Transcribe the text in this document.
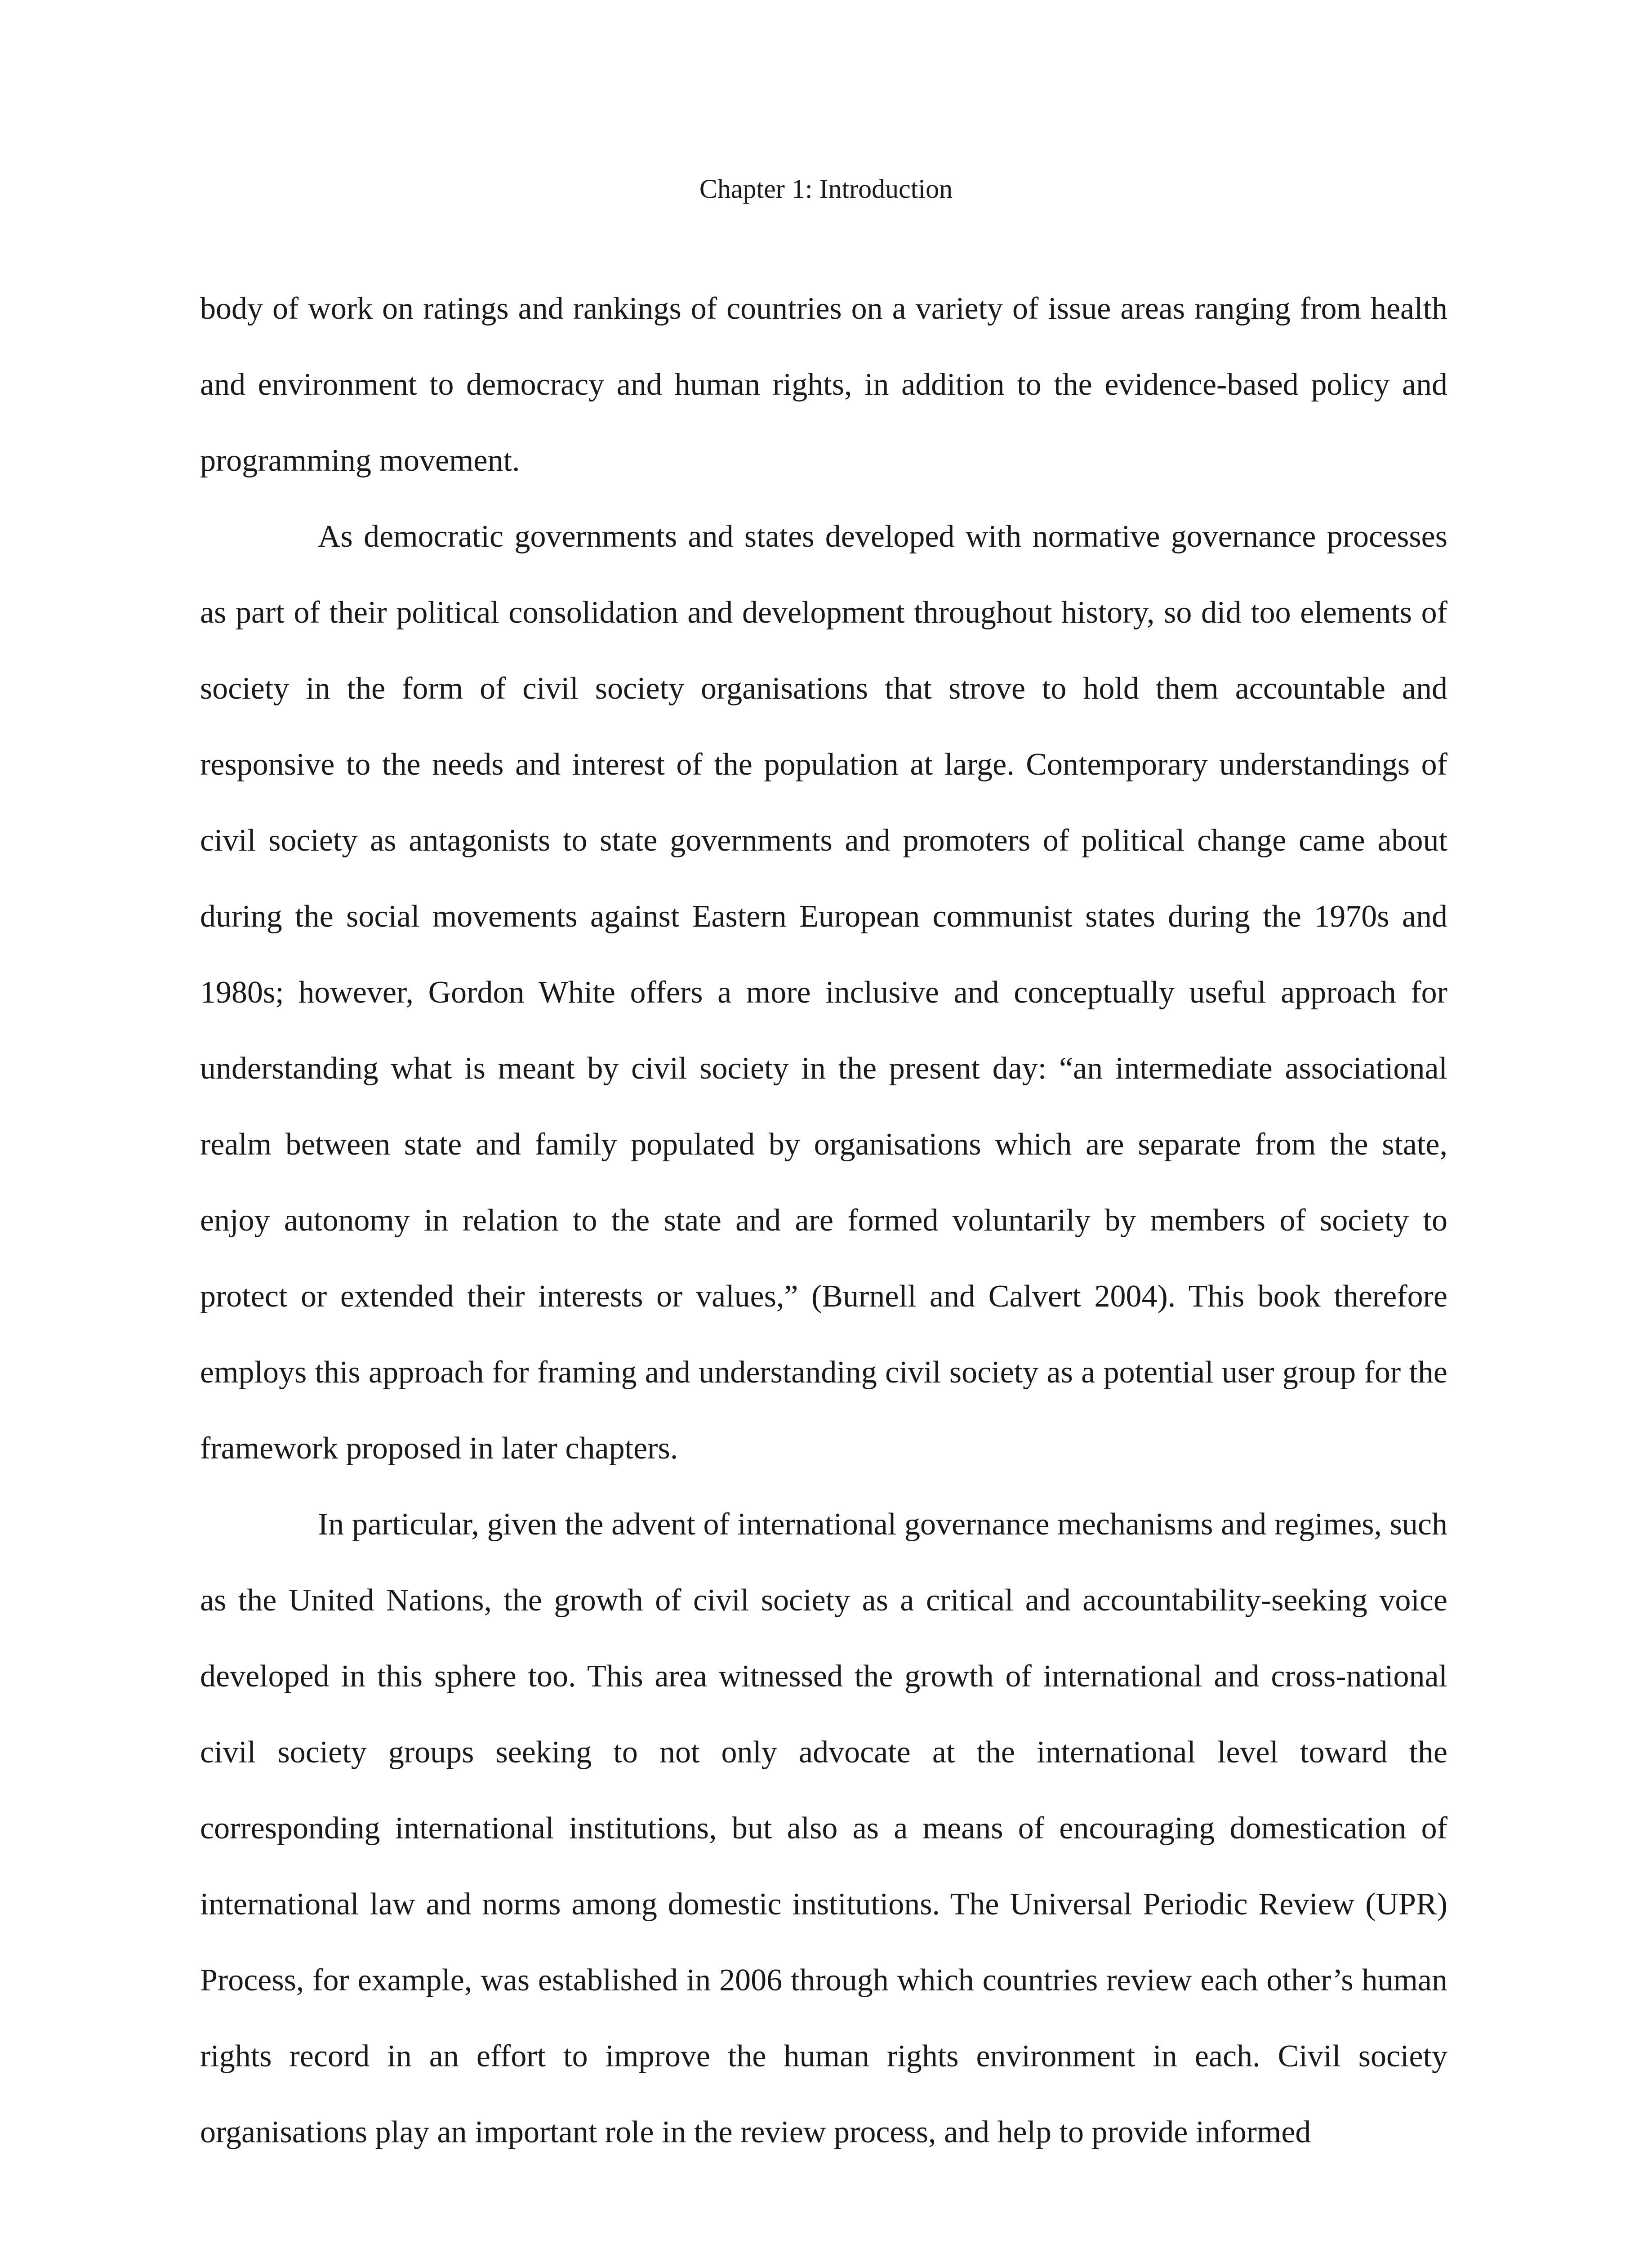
Chapter 1: Introduction

body of work on ratings and rankings of countries on a variety of issue areas ranging from health and environment to democracy and human rights, in addition to the evidence-based policy and programming movement.

As democratic governments and states developed with normative governance processes as part of their political consolidation and development throughout history, so did too elements of society in the form of civil society organisations that strove to hold them accountable and responsive to the needs and interest of the population at large. Contemporary understandings of civil society as antagonists to state governments and promoters of political change came about during the social movements against Eastern European communist states during the 1970s and 1980s; however, Gordon White offers a more inclusive and conceptually useful approach for understanding what is meant by civil society in the present day: “an intermediate associational realm between state and family populated by organisations which are separate from the state, enjoy autonomy in relation to the state and are formed voluntarily by members of society to protect or extended their interests or values,” (Burnell and Calvert 2004). This book therefore employs this approach for framing and understanding civil society as a potential user group for the framework proposed in later chapters.

In particular, given the advent of international governance mechanisms and regimes, such as the United Nations, the growth of civil society as a critical and accountability-seeking voice developed in this sphere too. This area witnessed the growth of international and cross-national civil society groups seeking to not only advocate at the international level toward the corresponding international institutions, but also as a means of encouraging domestication of international law and norms among domestic institutions. The Universal Periodic Review (UPR) Process, for example, was established in 2006 through which countries review each other’s human rights record in an effort to improve the human rights environment in each. Civil society organisations play an important role in the review process, and help to provide informed
